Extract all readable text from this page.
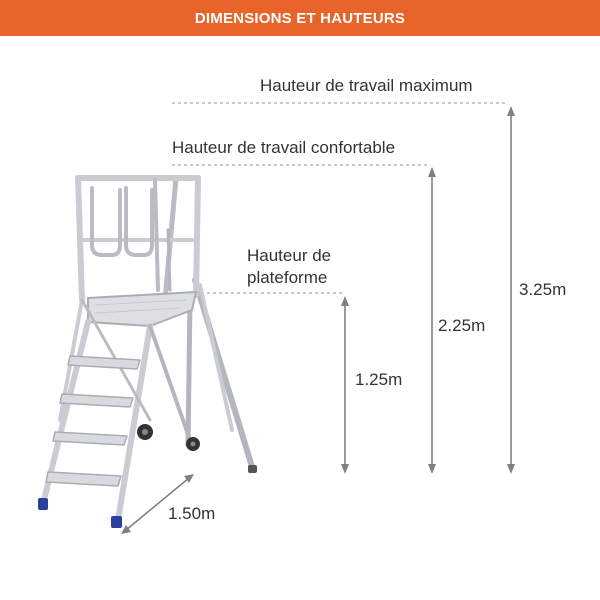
DIMENSIONS ET HAUTEURS
Hauteur de travail maximum
Hauteur de travail confortable
Hauteur de
plateforme
1.25m
2.25m
3.25m
1.50m
